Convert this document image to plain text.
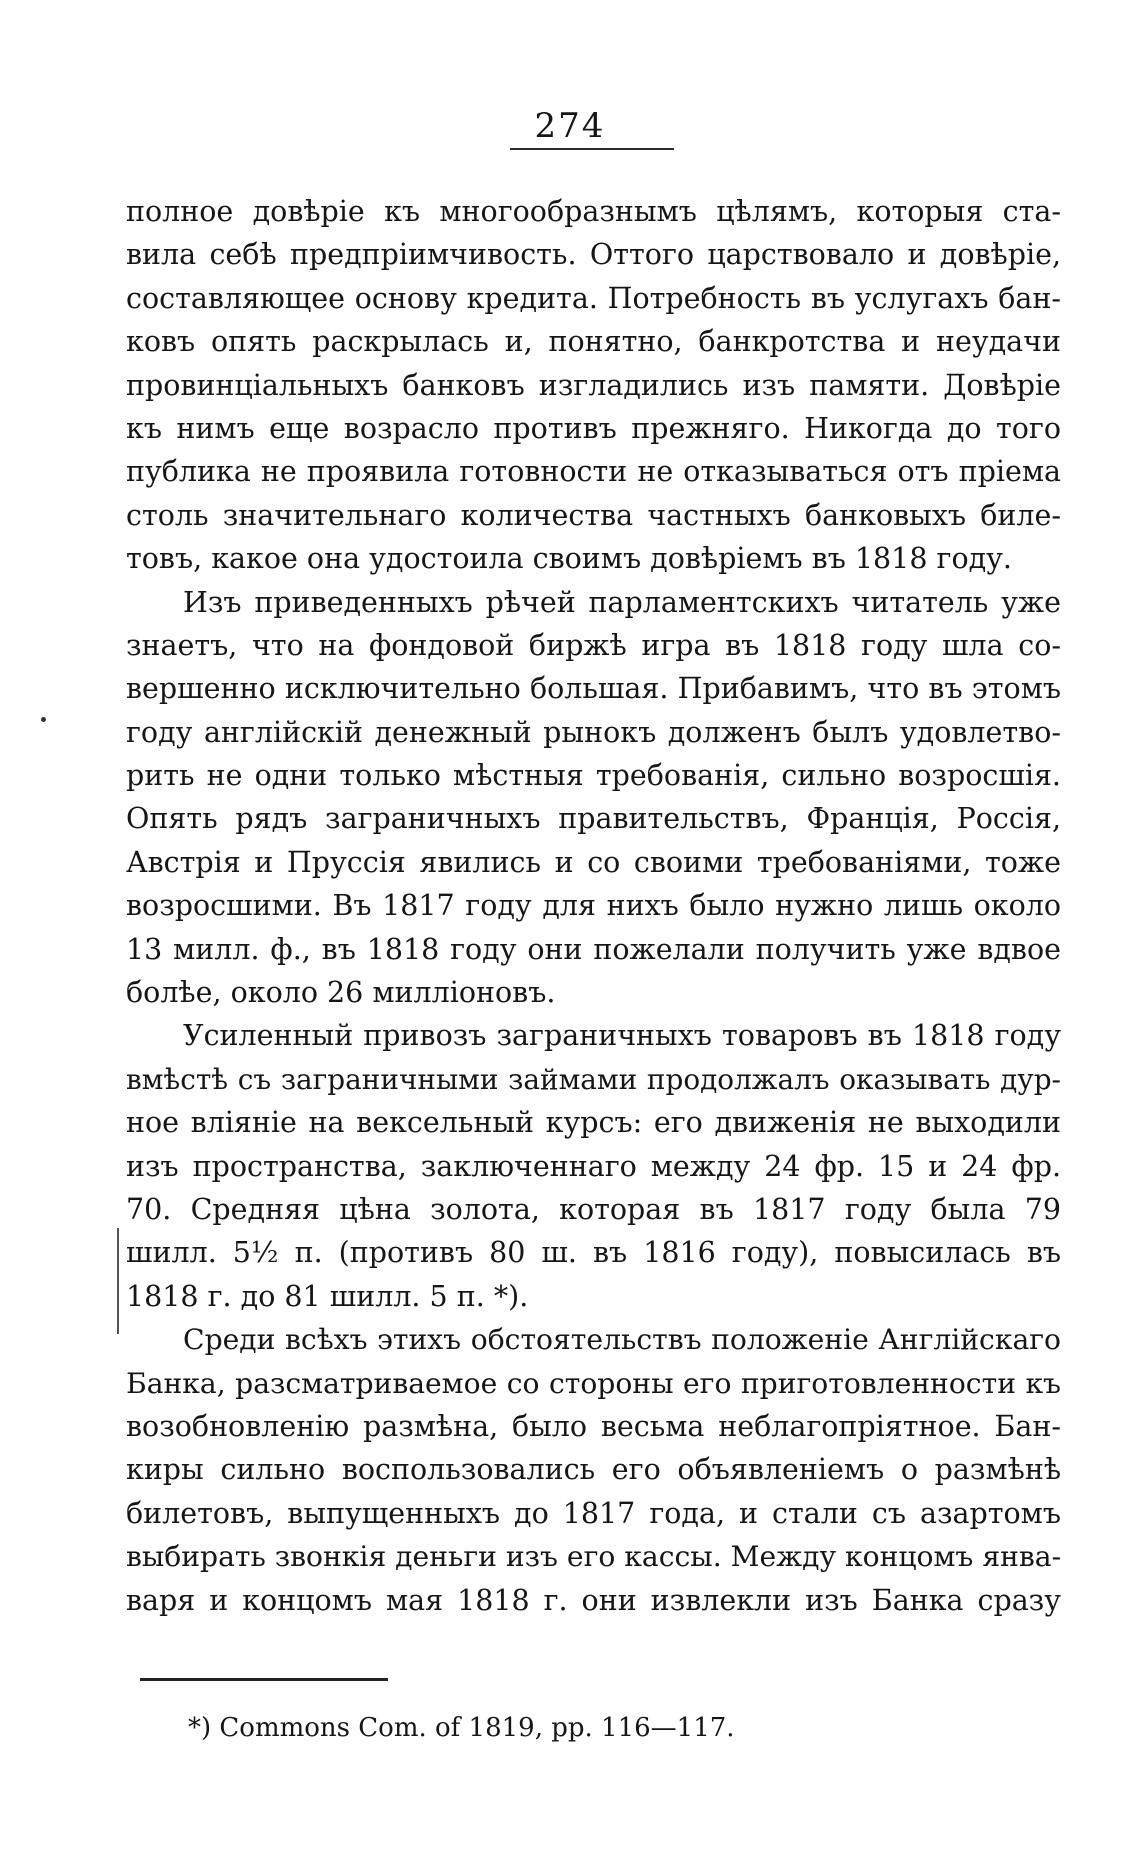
274
полное довѣріе къ многообразнымъ цѣлямъ, которыя ста-
вила себѣ предпріимчивость. Оттого царствовало и довѣріе,
составляющее основу кредита. Потребность въ услугахъ бан-
ковъ опять раскрылась и, понятно, банкротства и неудачи
провинціальныхъ банковъ изгладились изъ памяти. Довѣріе
къ нимъ еще возрасло противъ прежняго. Никогда до того
публика не проявила готовности не отказываться отъ пріема
столь значительнаго количества частныхъ банковыхъ биле-
товъ, какое она удостоила своимъ довѣріемъ въ 1818 году.
Изъ приведенныхъ рѣчей парламентскихъ читатель уже
знаетъ, что на фондовой биржѣ игра въ 1818 году шла со-
вершенно исключительно большая. Прибавимъ, что въ этомъ
году англійскій денежный рынокъ долженъ былъ удовлетво-
рить не одни только мѣстныя требованія, сильно возросшія.
Опять рядъ заграничныхъ правительствъ, Франція, Россія,
Австрія и Пруссія явились и со своими требованіями, тоже
возросшими. Въ 1817 году для нихъ было нужно лишь около
13 милл. ф., въ 1818 году они пожелали получить уже вдвое
болѣе, около 26 милліоновъ.
Усиленный привозъ заграничныхъ товаровъ въ 1818 году
вмѣстѣ съ заграничными займами продолжалъ оказывать дур-
ное вліяніе на вексельный курсъ: его движенія не выходили
изъ пространства, заключеннаго между 24 фр. 15 и 24 фр.
70. Средняя цѣна золота, которая въ 1817 году была 79
шилл. 5½ п. (противъ 80 ш. въ 1816 году), повысилась въ
1818 г. до 81 шилл. 5 п. *).
Среди всѣхъ этихъ обстоятельствъ положеніе Англійскаго
Банка, разсматриваемое со стороны его приготовленности къ
возобновленію размѣна, было весьма неблагопріятное. Бан-
киры сильно воспользовались его объявленіемъ о размѣнѣ
билетовъ, выпущенныхъ до 1817 года, и стали съ азартомъ
выбирать звонкія деньги изъ его кассы. Между концомъ янва-
варя и концомъ мая 1818 г. они извлекли изъ Банка сразу
*) Commons Com. of 1819, pp. 116—117.
